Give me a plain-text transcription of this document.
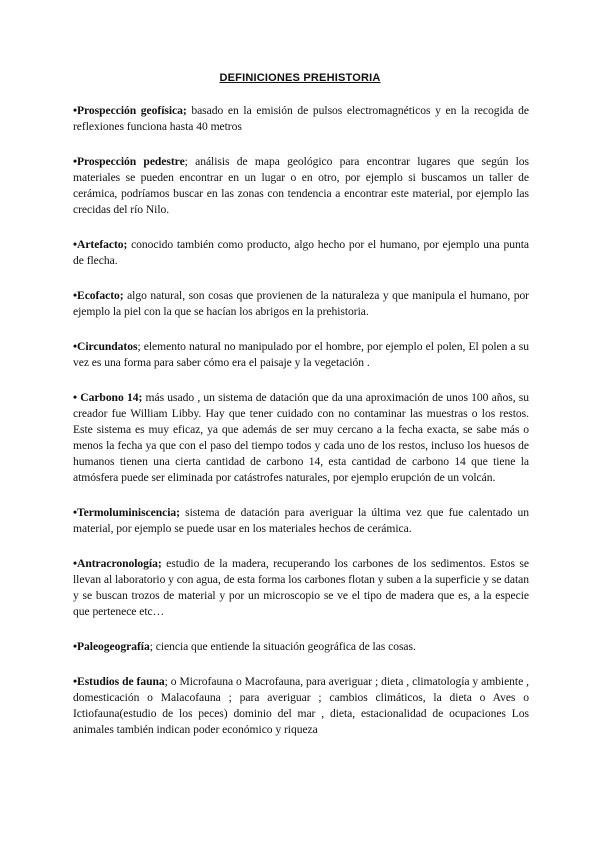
DEFINICIONES PREHISTORIA

•Prospección geofísica; basado en la emisión de pulsos electromagnéticos y en la recogida de reflexiones funciona hasta 40 metros

•Prospección pedestre; análisis de mapa geológico para encontrar lugares que según los materiales se pueden encontrar en un lugar o en otro, por ejemplo si buscamos un taller de cerámica, podríamos buscar en las zonas con tendencia a encontrar este material, por ejemplo las crecidas del río Nilo.

•Artefacto; conocido también como producto, algo hecho por el humano, por ejemplo una punta de flecha.

•Ecofacto; algo natural, son cosas que provienen de la naturaleza y que manipula el humano, por ejemplo la piel con la que se hacían los abrigos en la prehistoria.

•Circundatos; elemento natural no manipulado por el hombre, por ejemplo el polen, El polen a su vez es una forma para saber cómo era el paisaje y la vegetación .

• Carbono 14; más usado , un sistema de datación que da una aproximación de unos 100 años, su creador fue William Libby. Hay que tener cuidado con no contaminar las muestras o los restos. Este sistema es muy eficaz, ya que además de ser muy cercano a la fecha exacta, se sabe más o menos la fecha ya que con el paso del tiempo todos y cada uno de los restos, incluso los huesos de humanos tienen una cierta cantidad de carbono 14, esta cantidad de carbono 14 que tiene la atmósfera puede ser eliminada por catástrofes naturales, por ejemplo erupción de un volcán.

•Termoluminiscencia; sistema de datación para averiguar la última vez que fue calentado un material, por ejemplo se puede usar en los materiales hechos de cerámica.

•Antracronología; estudio de la madera, recuperando los carbones de los sedimentos. Estos se llevan al laboratorio y con agua, de esta forma los carbones flotan y suben a la superficie y se datan y se buscan trozos de material y por un microscopio se ve el tipo de madera que es, a la especie que pertenece etc…

•Paleogeografía; ciencia que entiende la situación geográfica de las cosas.

•Estudios de fauna; o Microfauna o Macrofauna, para averiguar ; dieta , climatología y ambiente , domesticación o Malacofauna ; para averiguar ; cambios climáticos, la dieta o Aves o Ictiofauna(estudio de los peces) dominio del mar , dieta, estacionalidad de ocupaciones Los animales también indican poder económico y riqueza
